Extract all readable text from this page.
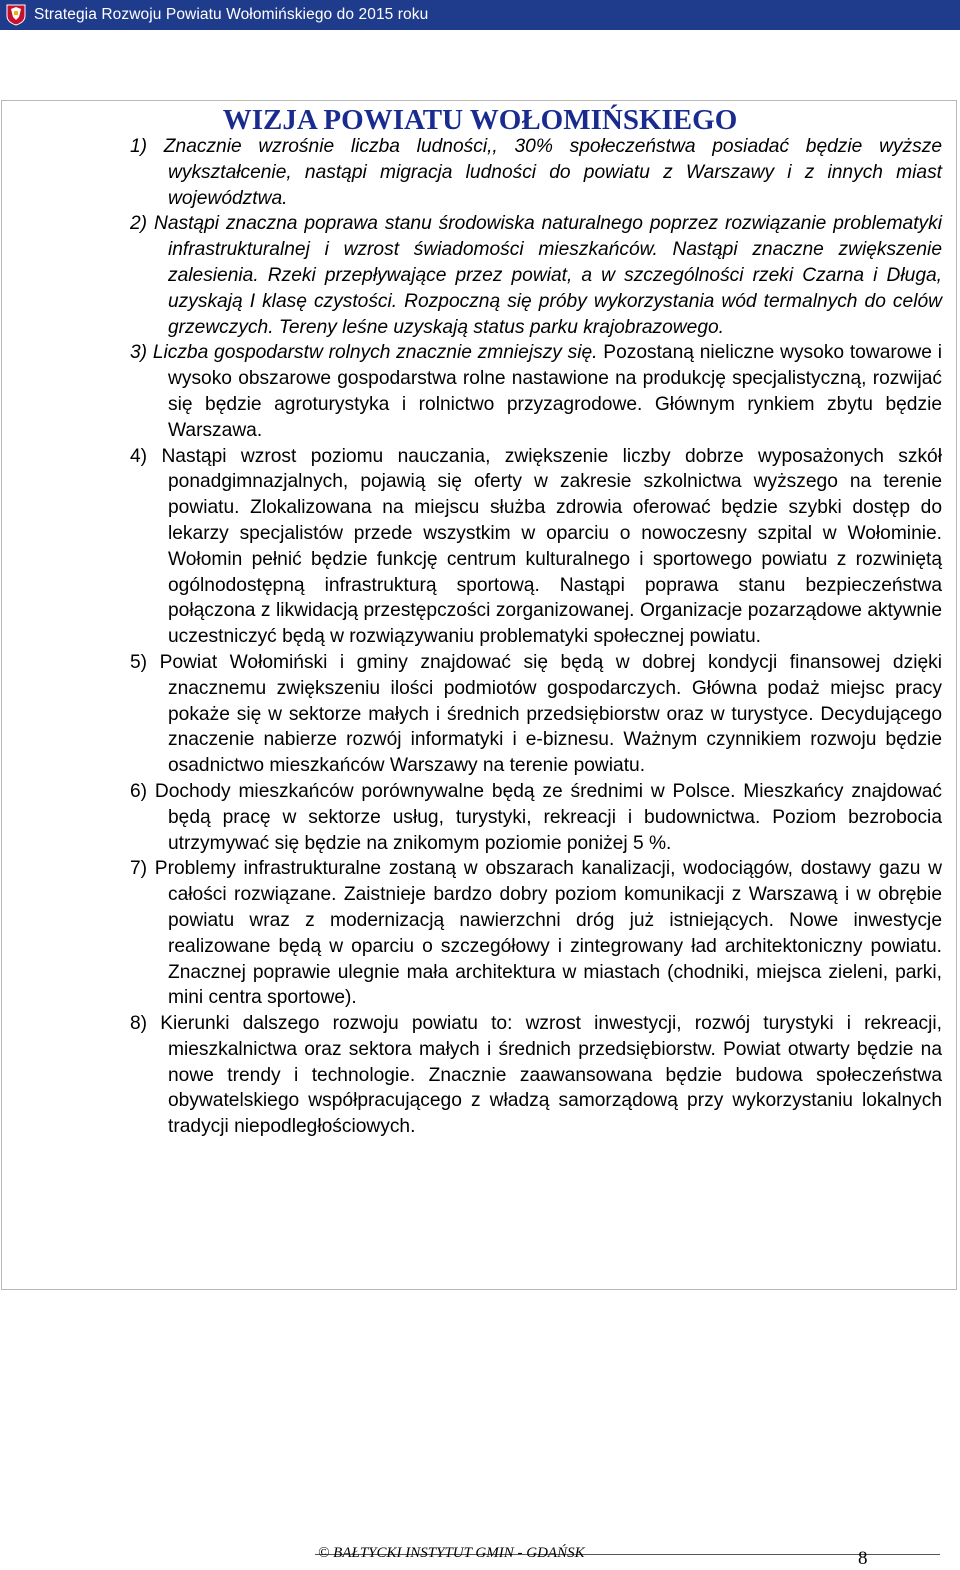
Strategia Rozwoju Powiatu Wołomińskiego do 2015 roku
WIZJA POWIATU WOŁOMIŃSKIEGO
1) Znacznie wzrośnie liczba ludności,, 30% społeczeństwa posiadać będzie wyższe wykształcenie, nastąpi migracja ludności do powiatu z Warszawy i z innych miast województwa.
2) Nastąpi znaczna poprawa stanu środowiska naturalnego poprzez rozwiązanie problematyki infrastrukturalnej i wzrost świadomości mieszkańców. Nastąpi znaczne zwiększenie zalesienia. Rzeki przepływające przez powiat, a w szczególności rzeki Czarna i Długa, uzyskają I klasę czystości. Rozpoczną się próby wykorzystania wód termalnych do celów grzewczych. Tereny leśne uzyskają status parku krajobrazowego.
3) Liczba gospodarstw rolnych znacznie zmniejszy się. Pozostaną nieliczne wysoko towarowe i wysoko obszarowe gospodarstwa rolne nastawione na produkcję specjalistyczną, rozwijać się będzie agroturystyka i rolnictwo przyzagrodowe. Głównym rynkiem zbytu będzie Warszawa.
4) Nastąpi wzrost poziomu nauczania, zwiększenie liczby dobrze wyposażonych szkół ponadgimnazjalnych, pojawią się oferty w zakresie szkolnictwa wyższego na terenie powiatu. Zlokalizowana na miejscu służba zdrowia oferować będzie szybki dostęp do lekarzy specjalistów przede wszystkim w oparciu o nowoczesny szpital w Wołominie. Wołomin pełnić będzie funkcję centrum kulturalnego i sportowego powiatu z rozwiniętą ogólnodostępną infrastrukturą sportową. Nastąpi poprawa stanu bezpieczeństwa połączona z likwidacją przestępczości zorganizowanej. Organizacje pozarządowe aktywnie uczestniczyć będą w rozwiązywaniu problematyki społecznej powiatu.
5) Powiat Wołomiński i gminy znajdować się będą w dobrej kondycji finansowej dzięki znacznemu zwiększeniu ilości podmiotów gospodarczych. Główna podaż miejsc pracy pokaże się w sektorze małych i średnich przedsiębiorstw oraz w turystyce. Decydującego znaczenie nabierze rozwój informatyki i e-biznesu. Ważnym czynnikiem rozwoju będzie osadnictwo mieszkańców Warszawy na terenie powiatu.
6) Dochody mieszkańców porównywalne będą ze średnimi w Polsce. Mieszkańcy znajdować będą pracę w sektorze usług, turystyki, rekreacji i budownictwa. Poziom bezrobocia utrzymywać się będzie na znikomym poziomie poniżej 5 %.
7) Problemy infrastrukturalne zostaną w obszarach kanalizacji, wodociągów, dostawy gazu w całości rozwiązane. Zaistnieje bardzo dobry poziom komunikacji z Warszawą i w obrębie powiatu wraz z modernizacją nawierzchni dróg już istniejących. Nowe inwestycje realizowane będą w oparciu o szczegółowy i zintegrowany ład architektoniczny powiatu. Znacznej poprawie ulegnie mała architektura w miastach (chodniki, miejsca zieleni, parki, mini centra sportowe).
8) Kierunki dalszego rozwoju powiatu to: wzrost inwestycji, rozwój turystyki i rekreacji, mieszkalnictwa oraz sektora małych i średnich przedsiębiorstw. Powiat otwarty będzie na nowe trendy i technologie. Znacznie zaawansowana będzie budowa społeczeństwa obywatelskiego współpracującego z władzą samorządową przy wykorzystaniu lokalnych tradycji niepodległościowych.
© BAŁTYCKI INSTYTUT GMIN - GDAŃSK	8
